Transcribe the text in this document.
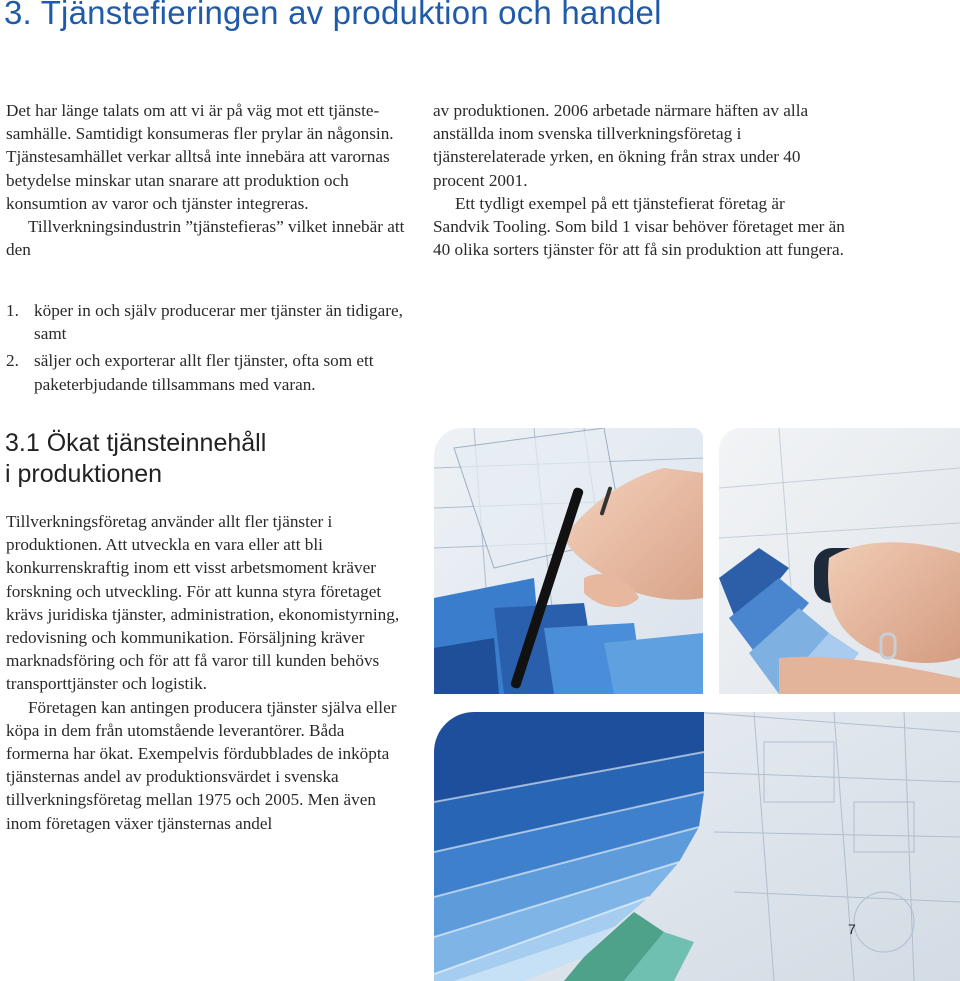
3. Tjänstefieringen av produktion och handel

Det har länge talats om att vi är på väg mot ett tjänstesamhälle. Samtidigt konsumeras fler prylar än någonsin. Tjänstesamhället verkar alltså inte innebära att varornas betydelse minskar utan snarare att produktion och konsumtion av varor och tjänster integreras.

Tillverkningsindustrin ”tjänstefieras” vilket innebär att den

1. köper in och själv producerar mer tjänster än tidigare, samt
2. säljer och exporterar allt fler tjänster, ofta som ett paketerbjudande tillsammans med varan.

av produktionen. 2006 arbetade närmare häften av alla anställda inom svenska tillverkningsföretag i tjänsterelaterade yrken, en ökning från strax under 40 procent 2001.

Ett tydligt exempel på ett tjänstefierat företag är Sandvik Tooling. Som bild 1 visar behöver företaget mer än 40 olika sorters tjänster för att få sin produktion att fungera.

3.1 Ökat tjänsteinnehåll
i produktionen

Tillverkningsföretag använder allt fler tjänster i produktionen. Att utveckla en vara eller att bli konkurrenskraftig inom ett visst arbetsmoment kräver forskning och utveckling. För att kunna styra företaget krävs juridiska tjänster, administration, ekonomistyrning, redovisning och kommunikation. Försäljning kräver marknadsföring och för att få varor till kunden behövs transporttjänster och logistik.

Företagen kan antingen producera tjänster själva eller köpa in dem från utomstående leverantörer. Båda formerna har ökat. Exempelvis fördubblades de inköpta tjänsternas andel av produktionsvärdet i svenska tillverkningsföretag mellan 1975 och 2005. Men även inom företagen växer tjänsternas andel

7
